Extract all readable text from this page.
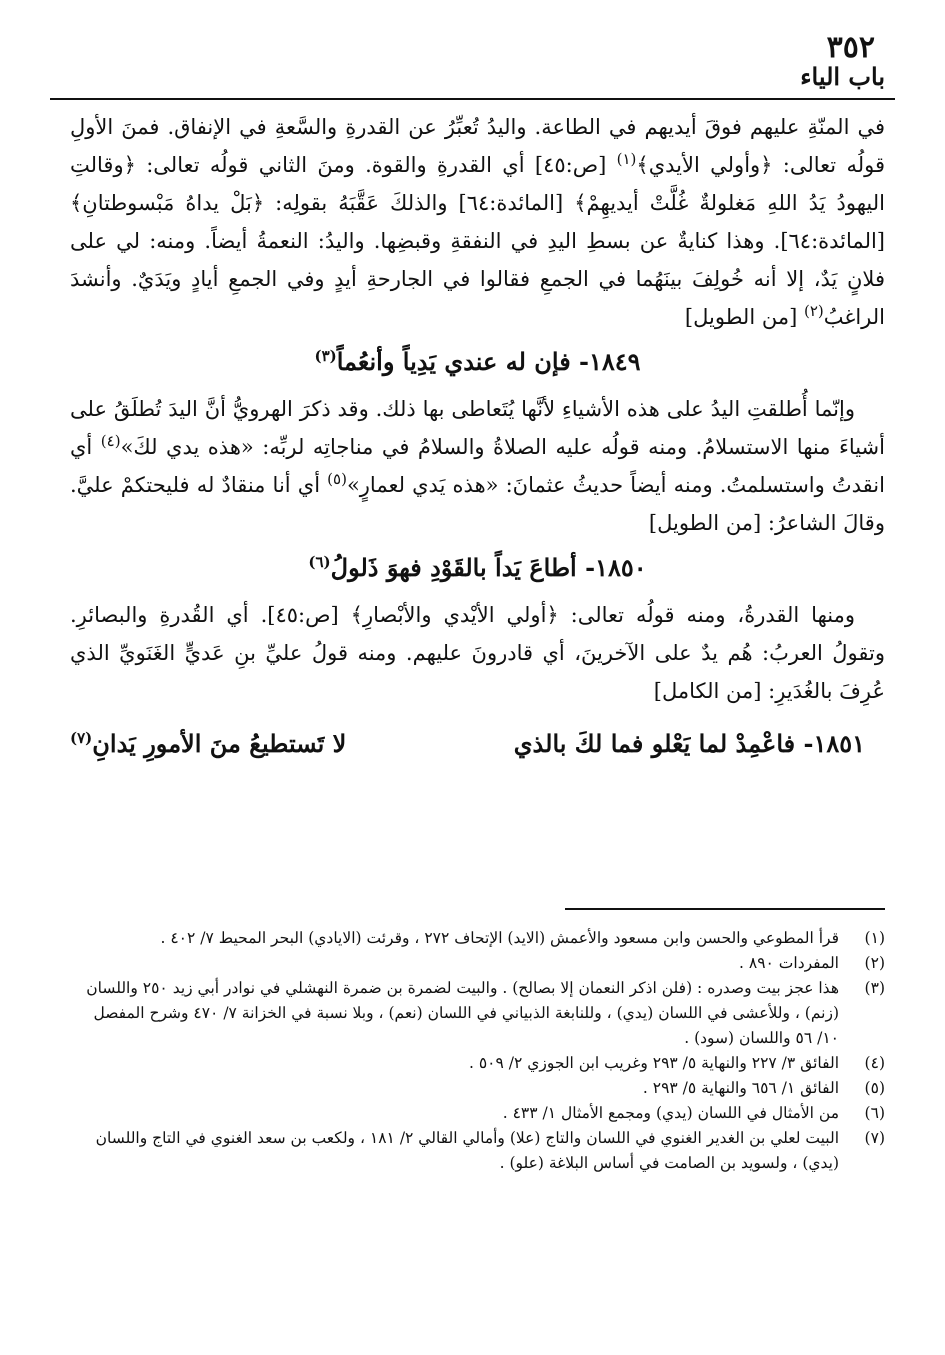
٣٥٢
باب الياء

في المنّةِ عليهم فوقَ أيديهم في الطاعة. واليدُ تُعبِّرُ عن القدرةِ والسَّعةِ في الإنفاق. فمنَ الأولِ قولُه تعالى: ﴿وأولي الأيدي﴾$^{(١)}$ [ص:٤٥] أي القدرةِ والقوة. ومنَ الثاني قولُه تعالى: ﴿وقالتِ اليهودُ يَدُ اللهِ مَغلولةٌ غُلَّتْ أيديهِمْ﴾ [المائدة:٦٤] والذلكَ عَقَّبَهُ بقولِه: ﴿بَلْ يداهُ مَبْسوطتانِ﴾ [المائدة:٦٤]. وهذا كنايةٌ عن بسطِ اليدِ في النفقةِ وقبضِها. واليدُ: النعمةُ أيضاً. ومنه: لي على فلانٍ يَدٌ، إلا أنه خُولِفَ بينَهُما في الجمعِ فقالوا في الجارحةِ أيدٍ وفي الجمعِ أيادٍ ويَدَيٌ. وأنشدَ الراغبُ$^{(٢)}$ [من الطويل]

١٨٤٩- فإن له عندي يَدِياً وأنعُماً$^{(٣)}$

وإنّما أُطلقتِ اليدُ على هذه الأشياءِ لأنَّها يُتَعاطى بها ذلك. وقد ذكرَ الهرويُّ أنَّ اليدَ تُطلَقُ على أشياءَ منها الاستسلامُ. ومنه قولُه عليه الصلاةُ والسلامُ في مناجاتِه لربِّه: «هذه يدي لكَ»$^{(٤)}$ أي انقدتُ واستسلمتُ. ومنه أيضاً حديثُ عثمانَ: «هذه يَدي لعمارٍ»$^{(٥)}$ أي أنا منقادٌ له فليحتكمْ عليَّ. وقالَ الشاعرُ: [من الطويل]

١٨٥٠- أطاعَ يَداً بالقَوْدِ فهوَ ذَلولُ$^{(٦)}$

ومنها القدرةُ، ومنه قولُه تعالى: ﴿أولي الأيْدي والأبْصارِ﴾ [ص:٤٥]. أي القُدرةِ والبصائرِ. وتقولُ العربُ: هُم يدٌ على الآخرينَ، أي قادرونَ عليهم. ومنه قولُ عليِّ بنِ عَديٍّ الغَنَويِّ الذي عُرِفَ بالغُدَيرِ: [من الكامل]

١٨٥١- فاعْمِدْ لما يَعْلو فما لكَ بالذي
لا تَستطيعُ منَ الأمورِ يَدانِ$^{(٧)}$
(١)
قرأ المطوعي والحسن وابن مسعود والأعمش (الايد) الإتحاف ٢٧٢ ، وقرئت (الايادي) البحر المحيط ٧/ ٤٠٢ .
(٢)
المفردات ٨٩٠ .
(٣)
هذا عجز بيت وصدره : (فلن اذكر النعمان إلا بصالح) . والبيت لضمرة بن ضمرة النهشلي في نوادر أبي زيد ٢٥٠ واللسان (زنم) ، وللأعشى في اللسان (يدي) ، وللنابغة الذبياني في اللسان (نعم) ، وبلا نسبة في الخزانة ٧/ ٤٧٠ وشرح المفصل ١٠/ ٥٦ واللسان (سود) .
(٤)
الفائق ٣/ ٢٢٧ والنهاية ٥/ ٢٩٣ وغريب ابن الجوزي ٢/ ٥٠٩ .
(٥)
الفائق ١/ ٦٥٦ والنهاية ٥/ ٢٩٣ .
(٦)
من الأمثال في اللسان (يدي) ومجمع الأمثال ١/ ٤٣٣ .
(٧)
البيت لعلي بن الغدير الغنوي في اللسان والتاج (علا) وأمالي القالي ٢/ ١٨١ ، ولكعب بن سعد الغنوي في التاج واللسان (يدي) ، ولسويد بن الصامت في أساس البلاغة (علو) .
